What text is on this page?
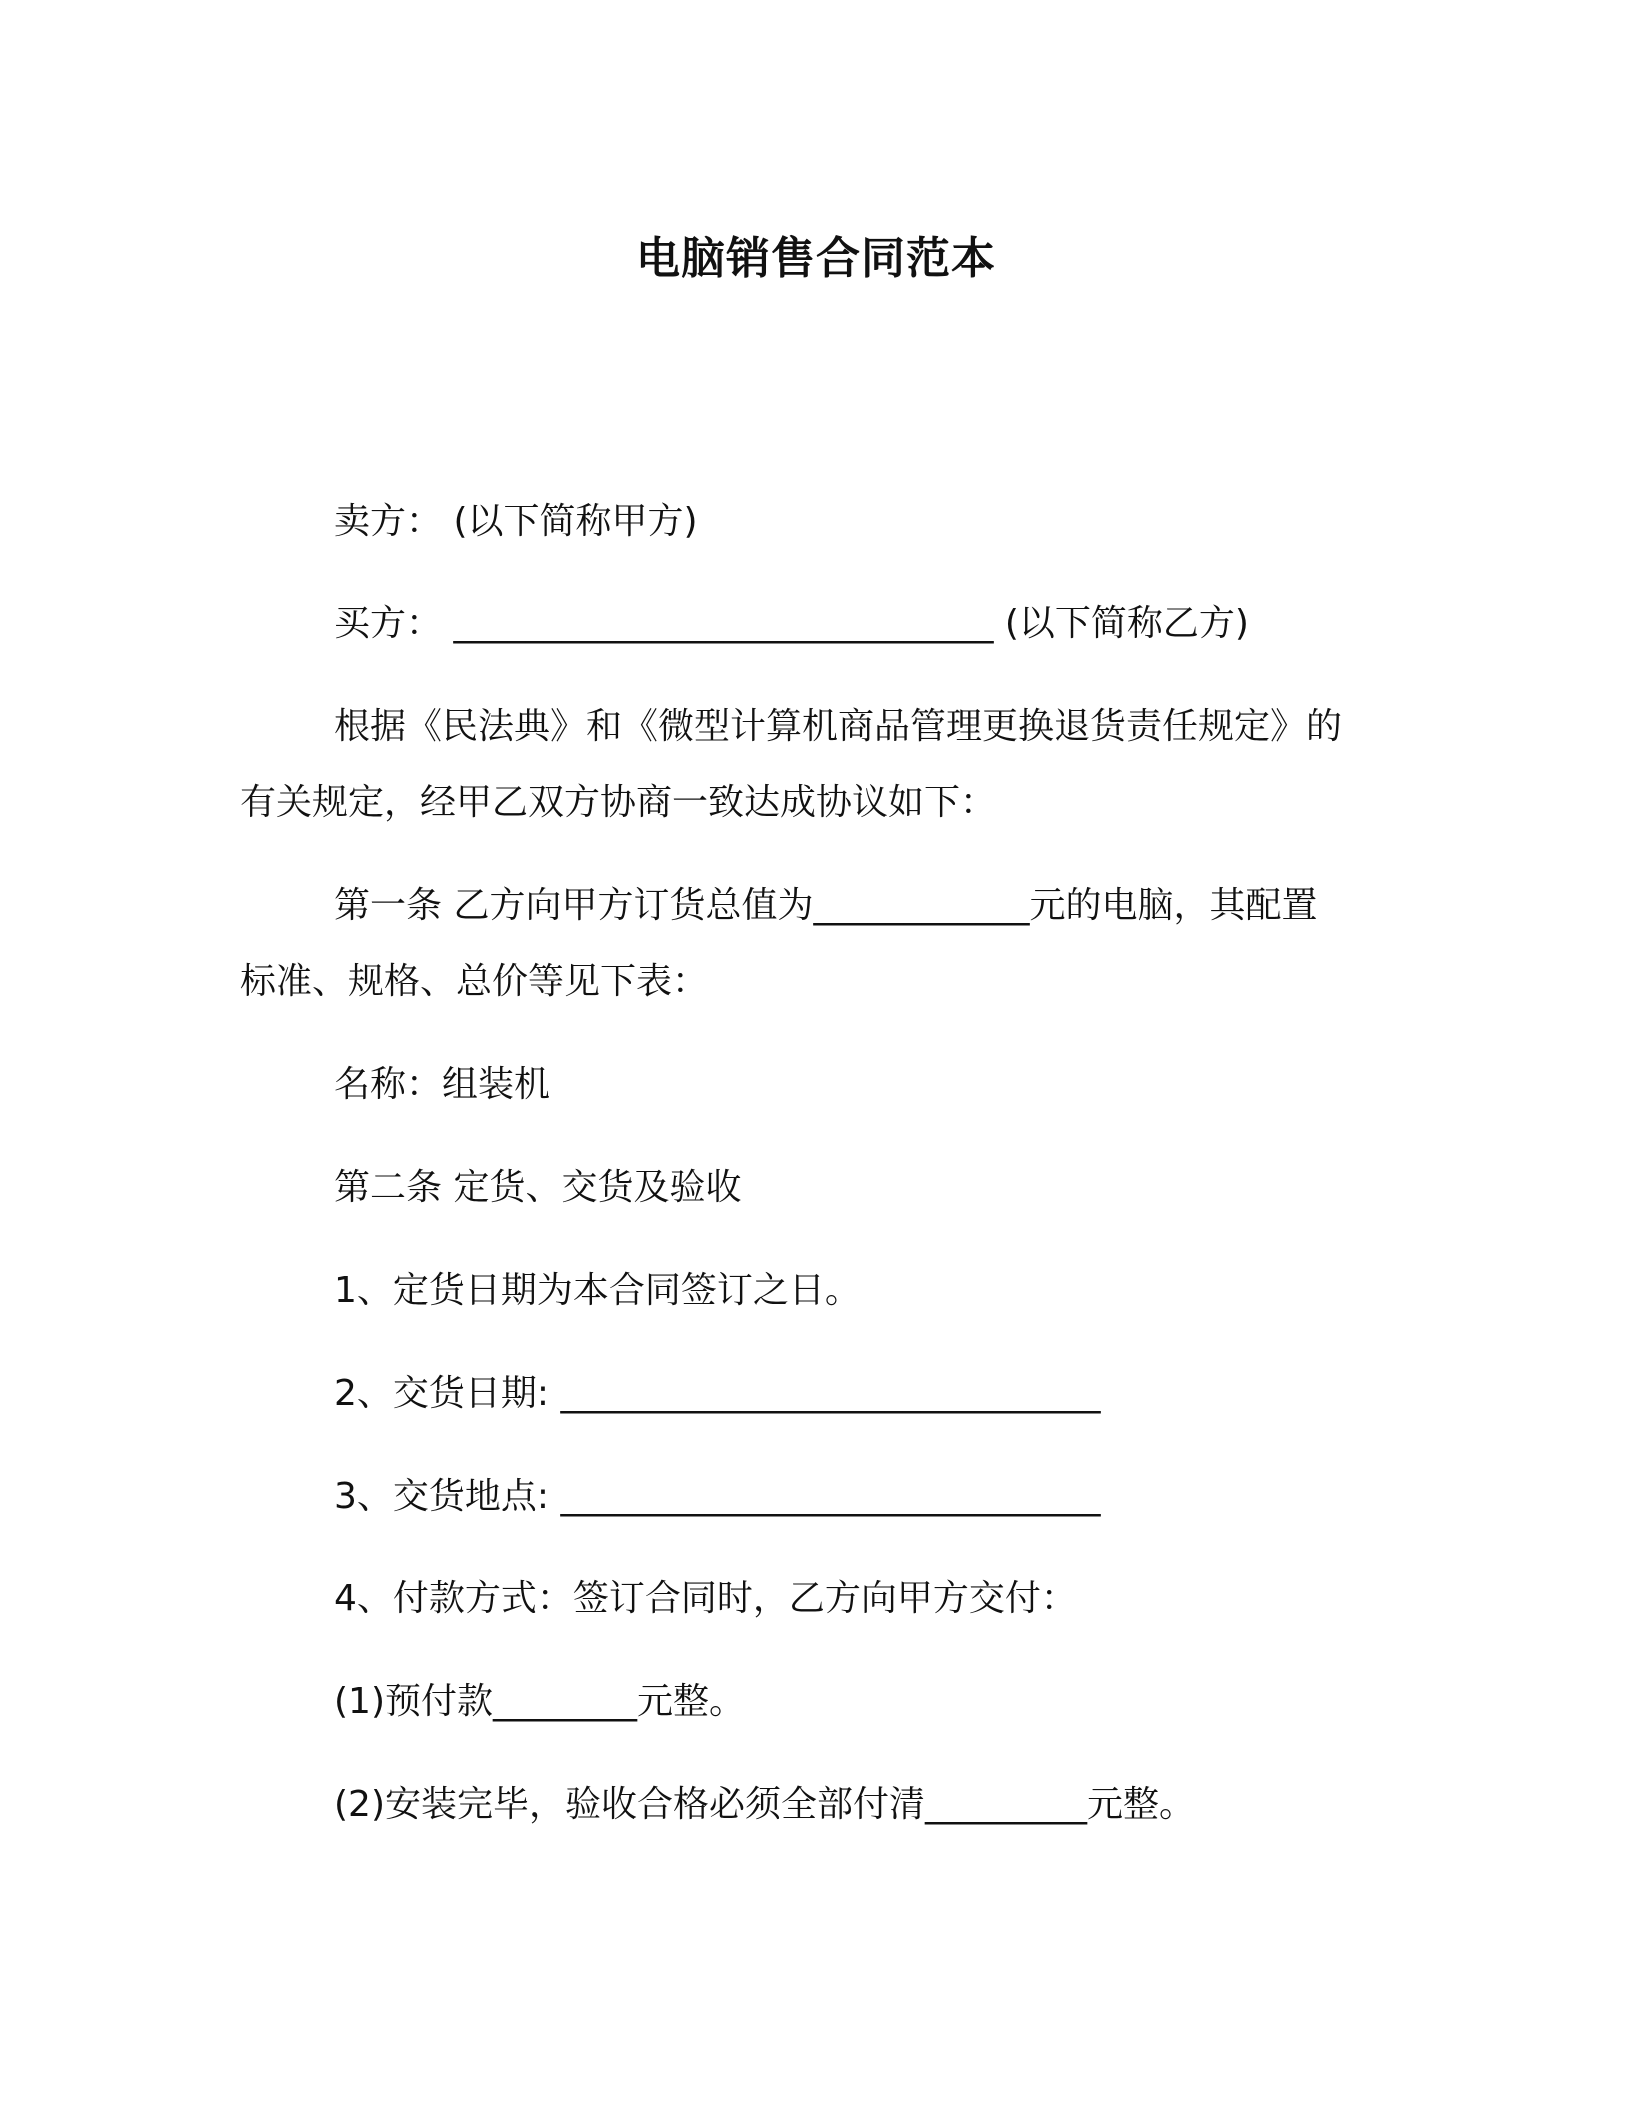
电脑销售合同范本
卖方： (以下简称甲方)
买方： ______________________________ (以下简称乙方)
根据《民法典》和《微型计算机商品管理更换退货责任规定》的
有关规定，经甲乙双方协商一致达成协议如下：
第一条 乙方向甲方订货总值为____________元的电脑，其配置
标准、规格、总价等见下表：
名称：组装机
第二条 定货、交货及验收
1、定货日期为本合同签订之日。
2、交货日期: ______________________________
3、交货地点: ______________________________
4、付款方式：签订合同时，乙方向甲方交付：
(1)预付款________元整。
(2)安装完毕，验收合格必须全部付清_________元整。
